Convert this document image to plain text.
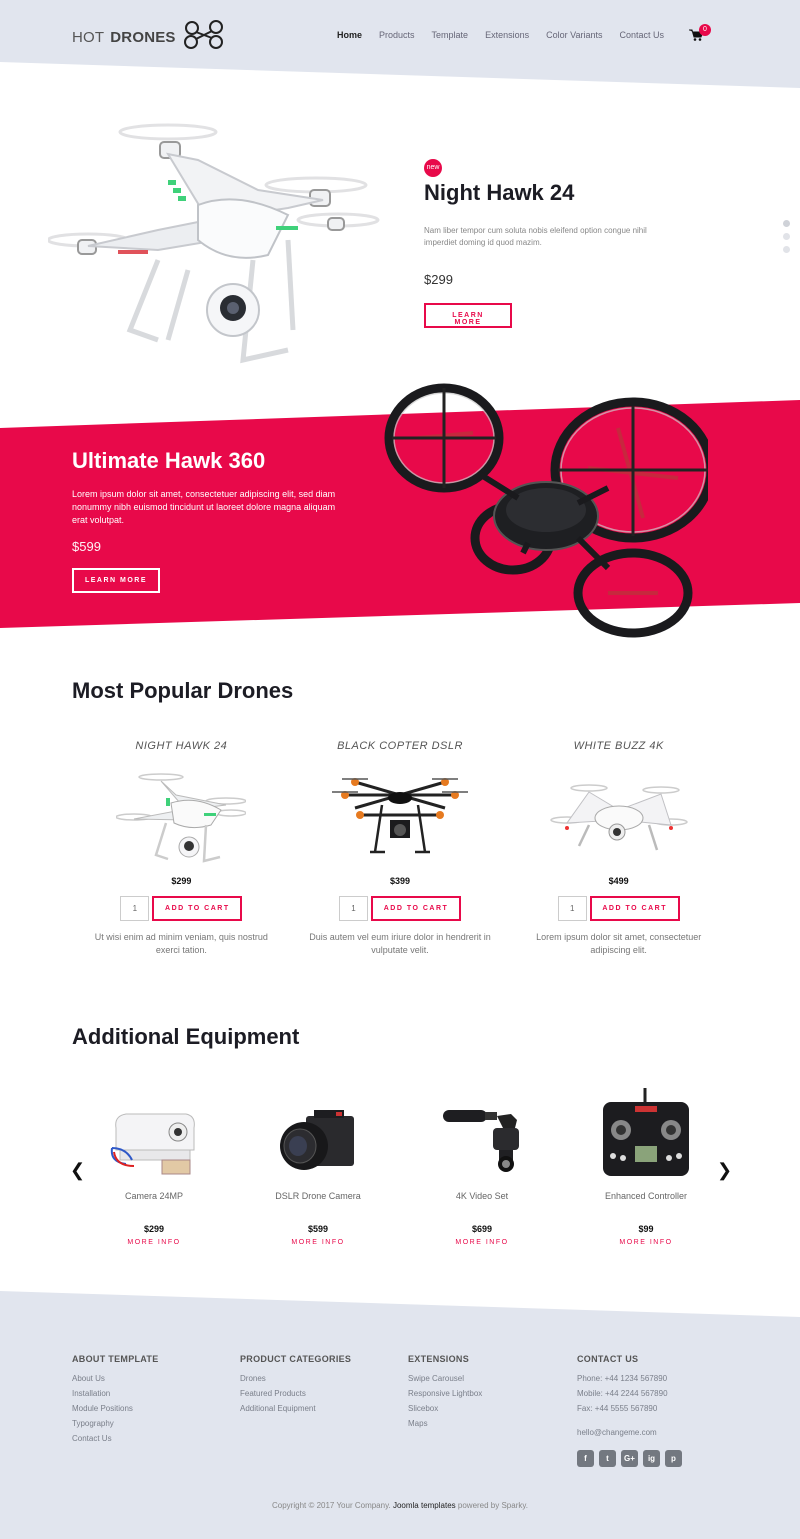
HOT DRONES	Home Products Template Extensions Color Variants Contact Us
0
new
Night Hawk 24
Nam liber tempor cum soluta nobis eleifend option congue nihil imperdiet doming id quod mazim.
$299
LEARN MORE
Ultimate Hawk 360
Lorem ipsum dolor sit amet, consectetuer adipiscing elit, sed diam nonummy nibh euismod tincidunt ut laoreet dolore magna aliquam erat volutpat.
$599
LEARN MORE
Most Popular Drones
NIGHT HAWK 24
$299
1	ADD TO CART
Ut wisi enim ad minim veniam, quis nostrud exerci tation.
BLACK COPTER DSLR
$399
1	ADD TO CART
Duis autem vel eum iriure dolor in hendrerit in vulputate velit.
WHITE BUZZ 4K
$499
1	ADD TO CART
Lorem ipsum dolor sit amet, consectetuer adipiscing elit.
Additional Equipment
❮	❯
Camera 24MP
$299
MORE INFO
DSLR Drone Camera
$599
MORE INFO
4K Video Set
$699
MORE INFO
Enhanced Controller
$99
MORE INFO
ABOUT TEMPLATE
About Us
Installation
Module Positions
Typography
Contact Us
PRODUCT CATEGORIES
Drones
Featured Products
Additional Equipment
EXTENSIONS
Swipe Carousel
Responsive Lightbox
Slicebox
Maps
CONTACT US
Phone: +44 1234 567890
Mobile: +44 2244 567890
Fax: +44 5555 567890
hello@changeme.com
f	t	G+	ig	p
Copyright © 2017 Your Company. Joomla templates powered by Sparky.
